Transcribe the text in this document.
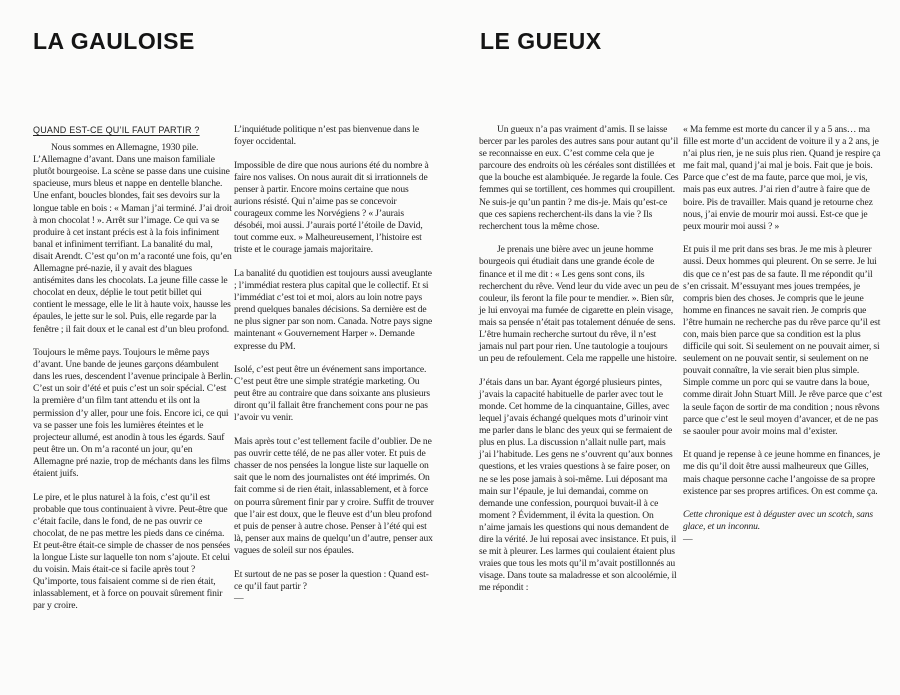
LA GAULOISE	LE GUEUX
QUAND EST-CE QU’IL FAUT PARTIR ?

Nous sommes en Allemagne, 1930 pile. L’Allemagne d’avant. Dans une maison familiale plutôt bourgeoise. La scène se passe dans une cuisine spacieuse, murs bleus et nappe en dentelle blanche. Une enfant, boucles blondes, fait ses devoirs sur la longue table en bois : « Maman j’ai terminé. J’ai droit à mon chocolat ! ». Arrêt sur l’image. Ce qui va se produire à cet instant précis est à la fois infiniment banal et infiniment terrifiant. La banalité du mal, disait Arendt. C’est qu’on m’a raconté une fois, qu’en Allemagne pré-nazie, il y avait des blagues antisémites dans les chocolats. La jeune fille casse le chocolat en deux, déplie le tout petit billet qui contient le message, elle le lit à haute voix, hausse les épaules, le jette sur le sol. Puis, elle regarde par la fenêtre ; il fait doux et le canal est d’un bleu profond.

Toujours le même pays. Toujours le même pays d’avant. Une bande de jeunes garçons déambulent dans les rues, descendent l’avenue principale à Berlin. C’est un soir d’été et puis c’est un soir spécial. C’est la première d’un film tant attendu et ils ont la permission d’y aller, pour une fois. Encore ici, ce qui va se passer une fois les lumières éteintes et le projecteur allumé, est anodin à tous les égards. Sauf peut être un. On m’a raconté un jour, qu’en Allemagne pré nazie, trop de méchants dans les films étaient juifs.

Le pire, et le plus naturel à la fois, c’est qu’il est probable que tous continuaient à vivre. Peut-être que c’était facile, dans le fond, de ne pas ouvrir ce chocolat, de ne pas mettre les pieds dans ce cinéma. Et peut-être était-ce simple de chasser de nos pensées la longue Liste sur laquelle ton nom s’ajoute. Et celui du voisin. Mais était-ce si facile après tout ? Qu’importe, tous faisaient comme si de rien était, inlassablement, et à force on pouvait sûrement finir par y croire.

L’inquiétude politique n’est pas bienvenue dans le foyer occidental.

Impossible de dire que nous aurions été du nombre à faire nos valises. On nous aurait dit si irrationnels de penser à partir. Encore moins certaine que nous aurions résisté. Qui n’aime pas se concevoir courageux comme les Norvégiens ? « J’aurais désobéi, moi aussi. J’aurais porté l’étoile de David, tout comme eux. » Malheureusement, l’histoire est triste et le courage jamais majoritaire.

La banalité du quotidien est toujours aussi aveuglante ; l’immédiat restera plus capital que le collectif. Et si l’immédiat c’est toi et moi, alors au loin notre pays prend quelques banales décisions. Sa dernière est de ne plus signer par son nom. Canada. Notre pays signe maintenant « Gouvernement Harper ». Demande expresse du PM.

Isolé, c’est peut être un événement sans importance. C’est peut être une simple stratégie marketing. Ou peut être au contraire que dans soixante ans plusieurs diront qu’il fallait être franchement cons pour ne pas l’avoir vu venir.

Mais après tout c’est tellement facile d’oublier. De ne pas ouvrir cette télé, de ne pas aller voter. Et puis de chasser de nos pensées la longue liste sur laquelle on sait que le nom des journalistes ont été imprimés. On fait comme si de rien était, inlassablement, et à force on pourra sûrement finir par y croire. Suffit de trouver que l’air est doux, que le fleuve est d’un bleu profond et puis de penser à autre chose. Penser à l’été qui est là, penser aux mains de quelqu’un d’autre, penser aux vagues de soleil sur nos épaules.

Et surtout de ne pas se poser la question : Quand est-ce qu’il faut partir ?

—

Un gueux n’a pas vraiment d’amis. Il se laisse bercer par les paroles des autres sans pour autant qu’il se reconnaisse en eux. C’est comme cela que je parcoure des endroits où les céréales sont distillées et que la bouche est alambiquée. Je regarde la foule. Ces femmes qui se tortillent, ces hommes qui croupillent. Ne suis-je qu’un pantin ? me dis-je. Mais qu’est-ce que ces sapiens recherchent-ils dans la vie ? Ils recherchent tous la même chose.

Je prenais une bière avec un jeune homme bourgeois qui étudiait dans une grande école de finance et il me dit : « Les gens sont cons, ils recherchent du rêve. Vend leur du vide avec un peu de couleur, ils feront la file pour te mendier. ». Bien sûr, je lui envoyai ma fumée de cigarette en plein visage, mais sa pensée n’était pas totalement dénuée de sens. L’être humain recherche surtout du rêve, il n’est jamais nul part pour rien. Une tautologie a toujours un peu de refoulement. Cela me rappelle une histoire.

J’étais dans un bar. Ayant égorgé plusieurs pintes, j’avais la capacité habituelle de parler avec tout le monde. Cet homme de la cinquantaine, Gilles, avec lequel j’avais échangé quelques mots d’urinoir vint me parler dans le blanc des yeux qui se fermaient de plus en plus. La discussion n’allait nulle part, mais j’ai l’habitude. Les gens ne s’ouvrent qu’aux bonnes questions, et les vraies questions à se faire poser, on ne se les pose jamais à soi-même. Lui déposant ma main sur l’épaule, je lui demandai, comme on demande une confession, pourquoi buvait-il à ce moment ? Évidemment, il évita la question. On n’aime jamais les questions qui nous demandent de dire la vérité. Je lui reposai avec insistance. Et puis, il se mit à pleurer. Les larmes qui coulaient étaient plus vraies que tous les mots qu’il m’avait postillonnés au visage. Dans toute sa maladresse et son alcoolémie, il me répondit :

« Ma femme est morte du cancer il y a 5 ans… ma fille est morte d’un accident de voiture il y a 2 ans, je n’ai plus rien, je ne suis plus rien. Quand je respire ça me fait mal, quand j’ai mal je bois. Fait que je bois. Parce que c’est de ma faute, parce que moi, je vis, mais pas eux autres. J’ai rien d’autre à faire que de boire. Pis de travailler. Mais quand je retourne chez nous, j’ai envie de mourir moi aussi. Est-ce que je peux mourir moi aussi ? »

Et puis il me prit dans ses bras. Je me mis à pleurer aussi. Deux hommes qui pleurent. On se serre. Je lui dis que ce n’est pas de sa faute. Il me répondit qu’il s’en crissait. M’essuyant mes joues trempées, je compris bien des choses. Je compris que le jeune homme en finances ne savait rien. Je compris que l’être humain ne recherche pas du rêve parce qu’il est con, mais bien parce que sa condition est la plus difficile qui soit. Si seulement on ne pouvait aimer, si seulement on ne pouvait sentir, si seulement on ne pouvait connaître, la vie serait bien plus simple. Simple comme un porc qui se vautre dans la boue, comme dirait John Stuart Mill. Je rêve parce que c’est la seule façon de sortir de ma condition ; nous rêvons parce que c’est le seul moyen d’avancer, et de ne pas se saouler pour avoir moins mal d’exister.

Et quand je repense à ce jeune homme en finances, je me dis qu’il doit être aussi malheureux que Gilles, mais chaque personne cache l’angoisse de sa propre existence par ses propres artifices. On est comme ça.

Cette chronique est à déguster avec un scotch, sans glace, et un inconnu.

—
